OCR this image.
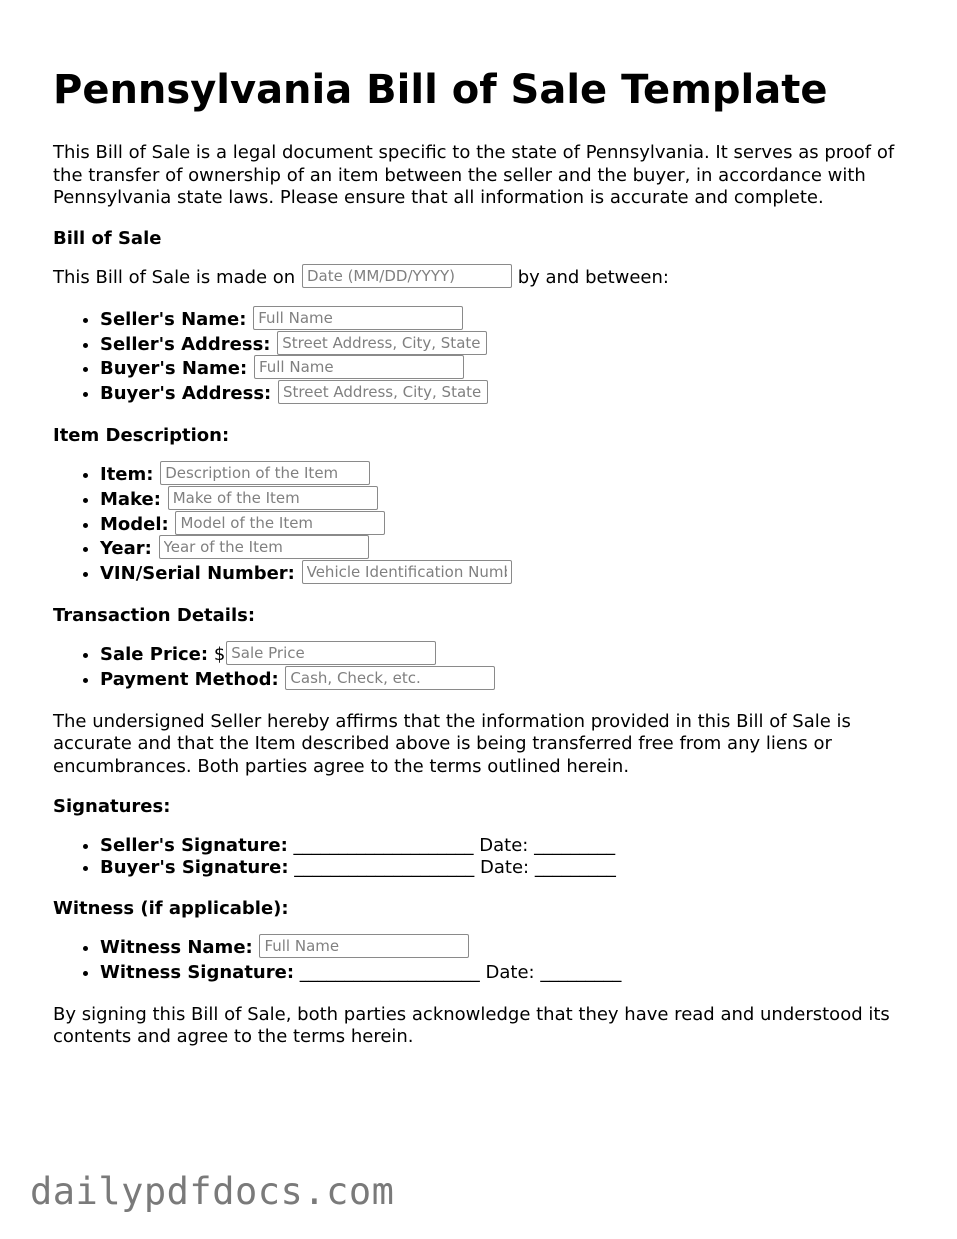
Pennsylvania Bill of Sale Template

This Bill of Sale is a legal document specific to the state of Pennsylvania. It serves as proof of the transfer of ownership of an item between the seller and the buyer, in accordance with Pennsylvania state laws. Please ensure that all information is accurate and complete.

Bill of Sale

This Bill of Sale is made on Date (MM/DD/YYYY)	by and between:

• Seller's Name: Full Name
• Seller's Address: Street Address, City, State
• Buyer's Name: Full Name
• Buyer's Address: Street Address, City, State
Item Description:
• Item: Description of the Item
• Make: Make of the Item
• Model: Model of the Item
• Year: Year of the Item
• VIN/Serial Number: Vehicle Identification Number
Transaction Details:
• Sale Price: $Sale Price
• Payment Method: Cash, Check, etc.

The undersigned Seller hereby affirms that the information provided in this Bill of Sale is accurate and that the Item described above is being transferred free from any liens or encumbrances. Both parties agree to the terms outlined herein.

Signatures:
• Seller's Signature: ____________________ Date: _________
• Buyer's Signature: ____________________ Date: _________
Witness (if applicable):
• Witness Name: Full Name
• Witness Signature: ____________________ Date: _________

By signing this Bill of Sale, both parties acknowledge that they have read and understood its contents and agree to the terms herein.

dailypdfdocs.com
